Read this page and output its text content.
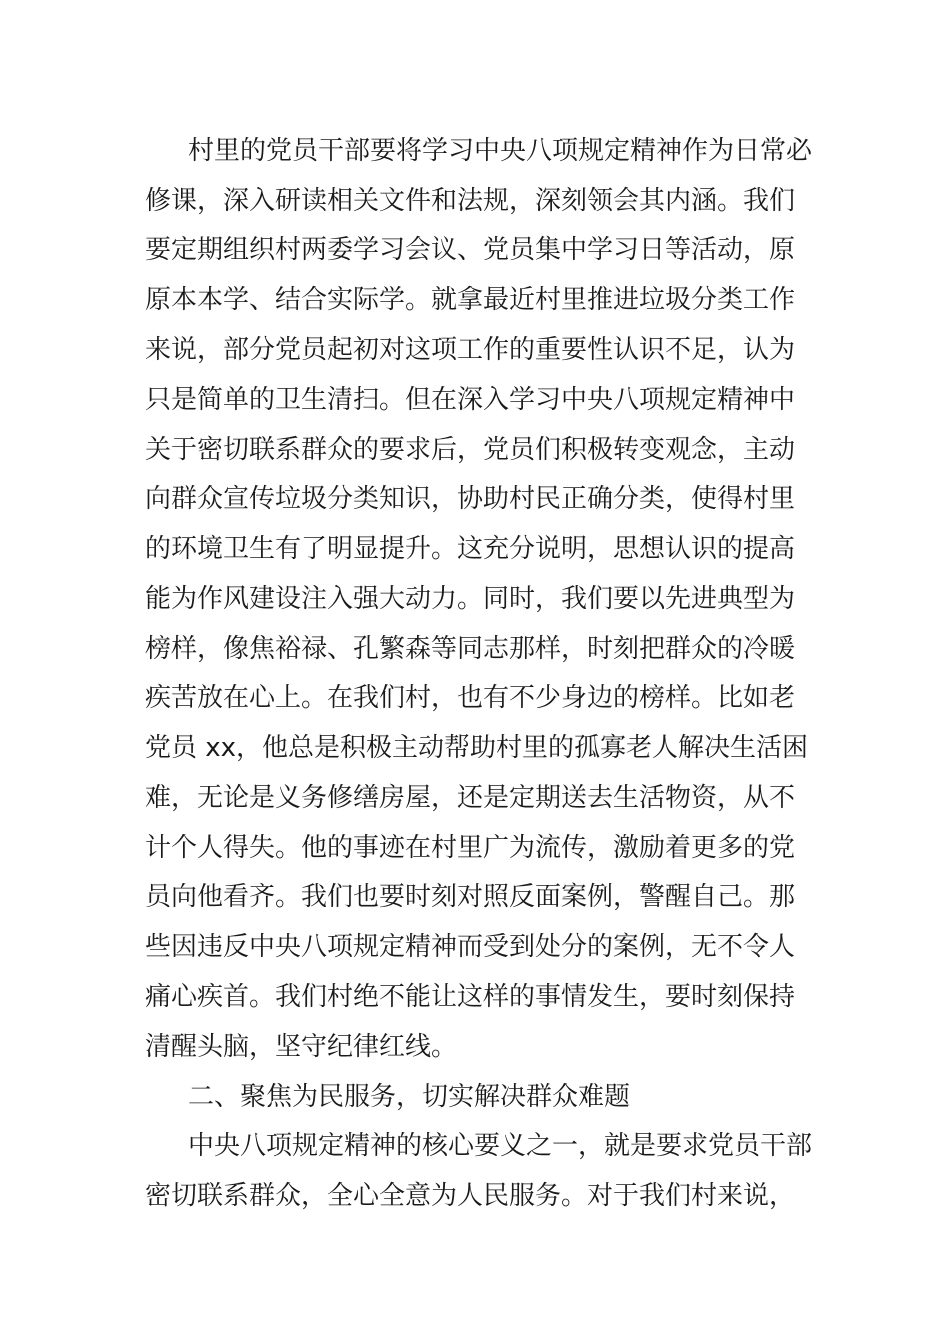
村里的党员干部要将学习中央八项规定精神作为日常必
修课，深入研读相关文件和法规，深刻领会其内涵。我们
要定期组织村两委学习会议、党员集中学习日等活动，原
原本本学、结合实际学。就拿最近村里推进垃圾分类工作
来说，部分党员起初对这项工作的重要性认识不足，认为
只是简单的卫生清扫。但在深入学习中央八项规定精神中
关于密切联系群众的要求后，党员们积极转变观念，主动
向群众宣传垃圾分类知识，协助村民正确分类，使得村里
的环境卫生有了明显提升。这充分说明，思想认识的提高
能为作风建设注入强大动力。同时，我们要以先进典型为
榜样，像焦裕禄、孔繁森等同志那样，时刻把群众的冷暖
疾苦放在心上。在我们村，也有不少身边的榜样。比如老
党员 xx，他总是积极主动帮助村里的孤寡老人解决生活困
难，无论是义务修缮房屋，还是定期送去生活物资，从不
计个人得失。他的事迹在村里广为流传，激励着更多的党
员向他看齐。我们也要时刻对照反面案例，警醒自己。那
些因违反中央八项规定精神而受到处分的案例，无不令人
痛心疾首。我们村绝不能让这样的事情发生，要时刻保持
清醒头脑，坚守纪律红线。
二、聚焦为民服务，切实解决群众难题
中央八项规定精神的核心要义之一，就是要求党员干部
密切联系群众，全心全意为人民服务。对于我们村来说，
